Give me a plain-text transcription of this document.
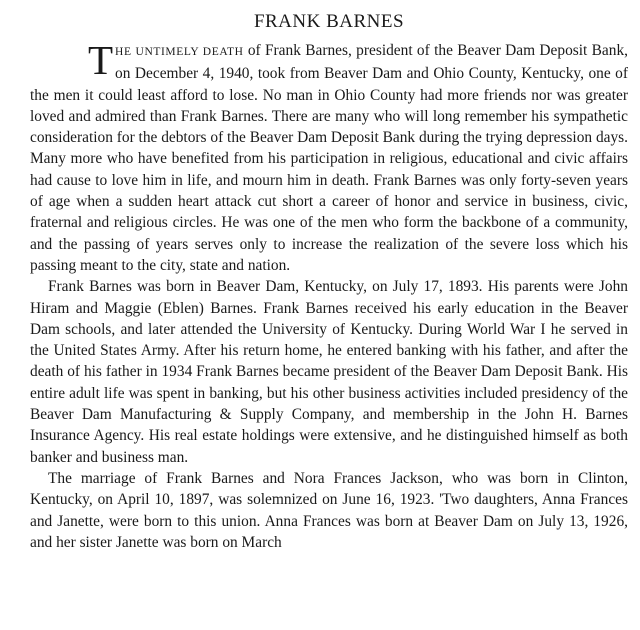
FRANK BARNES

THE UNTIMELY DEATH of Frank Barnes, president of the Beaver Dam Deposit Bank, on December 4, 1940, took from Beaver Dam and Ohio County, Kentucky, one of the men it could least afford to lose. No man in Ohio County had more friends nor was greater loved and admired than Frank Barnes. There are many who will long remember his sympathetic consideration for the debtors of the Beaver Dam Deposit Bank during the trying depression days. Many more who have benefited from his participation in religious, educational and civic affairs had cause to love him in life, and mourn him in death. Frank Barnes was only forty-seven years of age when a sudden heart attack cut short a career of honor and service in business, civic, fraternal and religious circles. He was one of the men who form the backbone of a community, and the passing of years serves only to increase the realization of the severe loss which his passing meant to the city, state and nation.

Frank Barnes was born in Beaver Dam, Kentucky, on July 17, 1893. His parents were John Hiram and Maggie (Eblen) Barnes. Frank Barnes received his early education in the Beaver Dam schools, and later attended the University of Kentucky. During World War I he served in the United States Army. After his return home, he entered banking with his father, and after the death of his father in 1934 Frank Barnes became president of the Beaver Dam Deposit Bank. His entire adult life was spent in banking, but his other business activities included presidency of the Beaver Dam Manufacturing & Supply Company, and membership in the John H. Barnes Insurance Agency. His real estate holdings were extensive, and he distinguished himself as both banker and business man.

The marriage of Frank Barnes and Nora Frances Jackson, who was born in Clinton, Kentucky, on April 10, 1897, was solemnized on June 16, 1923. 'Two daughters, Anna Frances and Janette, were born to this union. Anna Frances was born at Beaver Dam on July 13, 1926, and her sister Janette was born on March
